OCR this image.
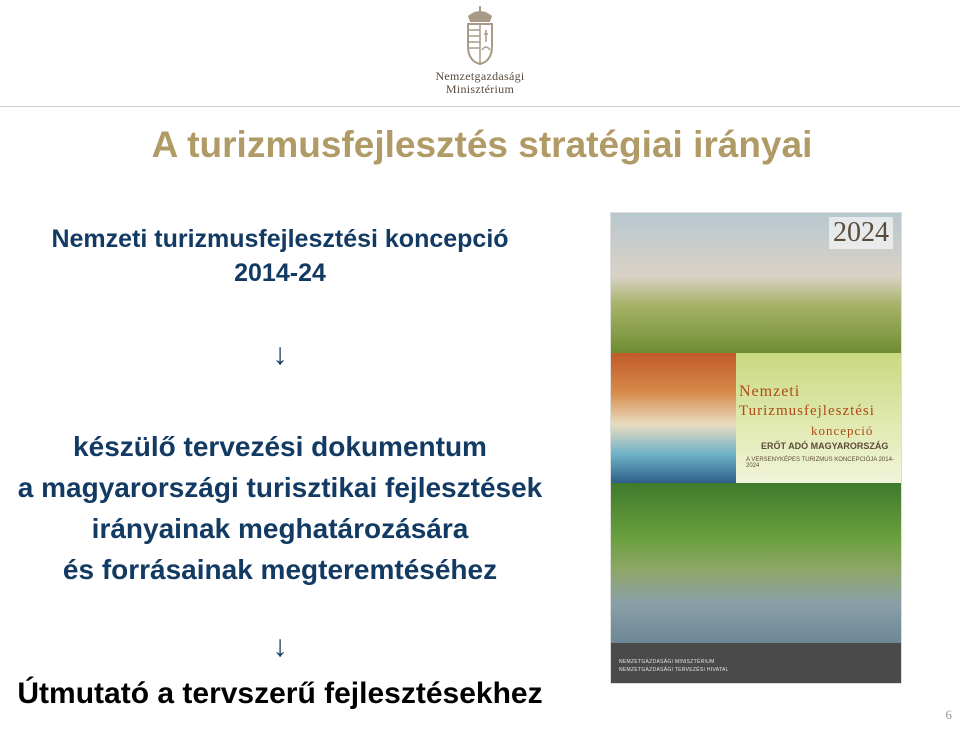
Nemzetgazdasági
Minisztérium
A turizmusfejlesztés stratégiai irányai
Nemzeti turizmusfejlesztési koncepció
2014-24
↓
készülő tervezési dokumentum
a magyarországi turisztikai fejlesztések
irányainak meghatározására
és forrásainak megteremtéséhez
↓
Útmutató a tervszerű fejlesztésekhez
2024
Nemzeti
Turizmusfejlesztési
koncepció
ERŐT ADÓ MAGYARORSZÁG
A VERSENYKÉPES TURIZMUS KONCEPCIÓJA 2014-2024
NEMZETGAZDASÁGI MINISZTÉRIUM
NEMZETGAZDASÁGI TERVEZÉSI HIVATAL
6
